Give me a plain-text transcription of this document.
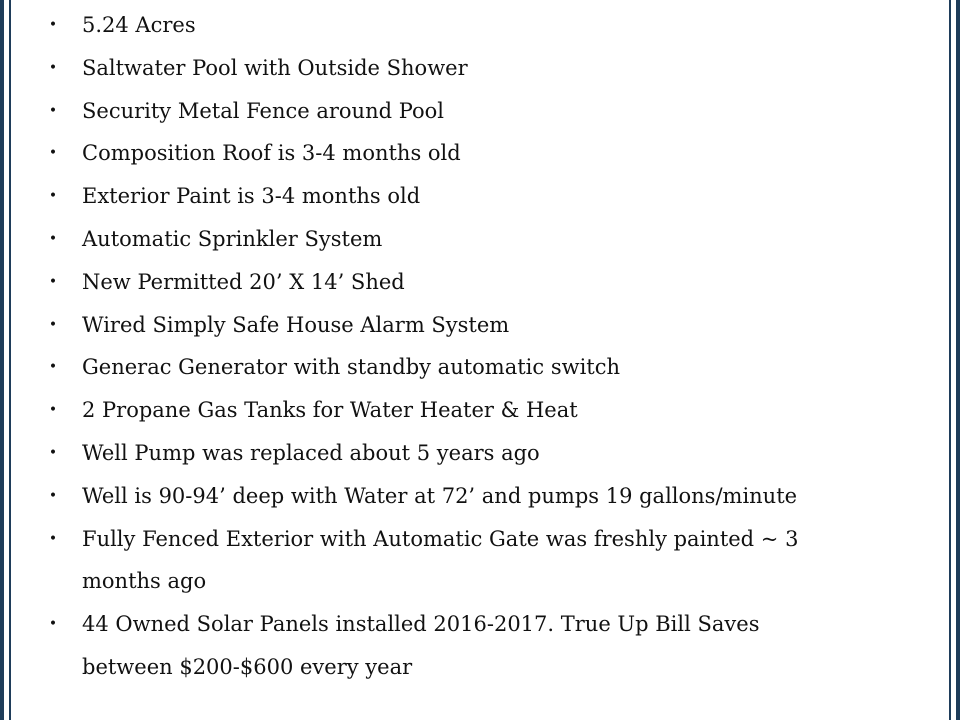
• 5.24 Acres
• Saltwater Pool with Outside Shower
• Security Metal Fence around Pool
• Composition Roof is 3-4 months old
• Exterior Paint is 3-4 months old
• Automatic Sprinkler System
• New Permitted 20’ X 14’ Shed
• Wired Simply Safe House Alarm System
• Generac Generator with standby automatic switch
• 2 Propane Gas Tanks for Water Heater & Heat
• Well Pump was replaced about 5 years ago
• Well is 90-94’ deep with Water at 72’ and pumps 19 gallons/minute
• Fully Fenced Exterior with Automatic Gate was freshly painted ~ 3 months ago
• 44 Owned Solar Panels installed 2016-2017. True Up Bill Saves between $200-$600 every year
